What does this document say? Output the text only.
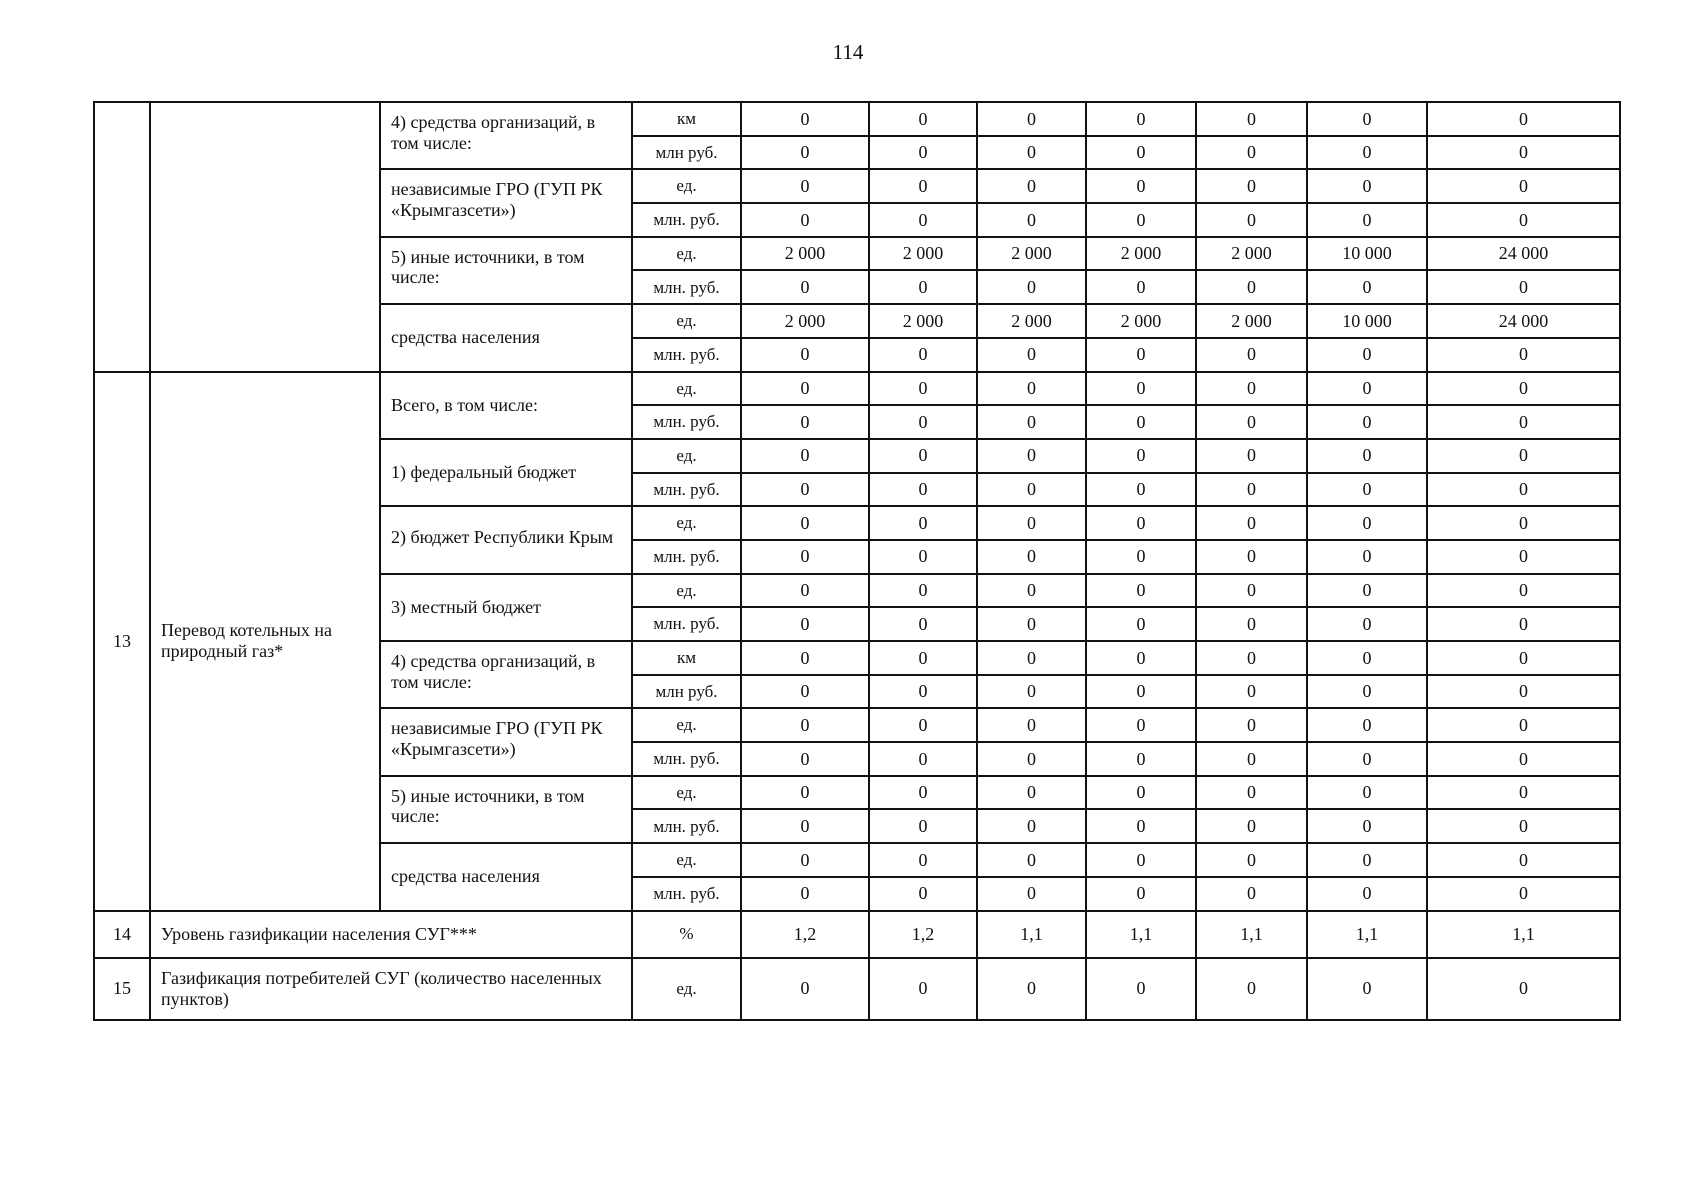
114

		4) средства организаций, в том числе:	км	0	0	0	0	0	0	0
			млн руб.	0	0	0	0	0	0	0

		независимые ГРО (ГУП РК «Крымгазсети»)	ед.	0	0	0	0	0	0	0
			млн. руб.	0	0	0	0	0	0	0

		5) иные источники, в том числе:	ед.	2 000	2 000	2 000	2 000	2 000	10 000	24 000
			млн. руб.	0	0	0	0	0	0	0

		средства населения	ед.	2 000	2 000	2 000	2 000	2 000	10 000	24 000
			млн. руб.	0	0	0	0	0	0	0
13	Перевод котельных на природный газ*	Всего, в том числе:	ед.	0	0	0	0	0	0	0
			млн. руб.	0	0	0	0	0	0	0

		1) федеральный бюджет	ед.	0	0	0	0	0	0	0
			млн. руб.	0	0	0	0	0	0	0

		2) бюджет Республики Крым	ед.	0	0	0	0	0	0	0
			млн. руб.	0	0	0	0	0	0	0

		3) местный бюджет	ед.	0	0	0	0	0	0	0
			млн. руб.	0	0	0	0	0	0	0

		4) средства организаций, в том числе:	км	0	0	0	0	0	0	0
			млн руб.	0	0	0	0	0	0	0

		независимые ГРО (ГУП РК «Крымгазсети»)	ед.	0	0	0	0	0	0	0
			млн. руб.	0	0	0	0	0	0	0

		5) иные источники, в том числе:	ед.	0	0	0	0	0	0	0
			млн. руб.	0	0	0	0	0	0	0

		средства населения	ед.	0	0	0	0	0	0	0
			млн. руб.	0	0	0	0	0	0	0
14	Уровень газификации населения СУГ***		%	1,2	1,2	1,1	1,1	1,1	1,1	1,1
15	Газификация потребителей СУГ (количество населенных пунктов)		ед.	0	0	0	0	0	0	0
